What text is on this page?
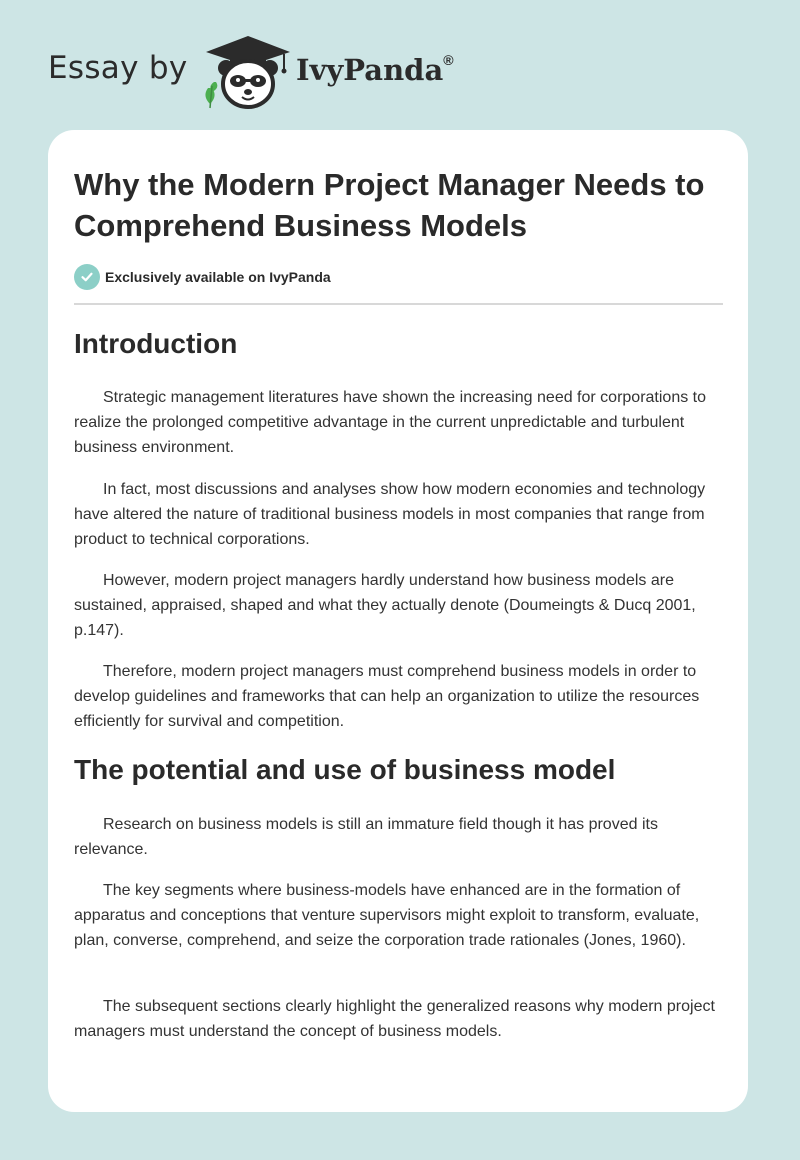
Essay by	IvyPanda®
Why the Modern Project Manager Needs to Comprehend Business Models
Exclusively available on IvyPanda
Introduction

Strategic management literatures have shown the increasing need for corporations to realize the prolonged competitive advantage in the current unpredictable and turbulent business environment.

In fact, most discussions and analyses show how modern economies and technology have altered the nature of traditional business models in most companies that range from product to technical corporations.

However, modern project managers hardly understand how business models are sustained, appraised, shaped and what they actually denote (Doumeingts & Ducq 2001, p.147).

Therefore, modern project managers must comprehend business models in order to develop guidelines and frameworks that can help an organization to utilize the resources efficiently for survival and competition.

The potential and use of business model

Research on business models is still an immature field though it has proved its relevance.

The key segments where business-models have enhanced are in the formation of apparatus and conceptions that venture supervisors might exploit to transform, evaluate, plan, converse, comprehend, and seize the corporation trade rationales (Jones, 1960).

The subsequent sections clearly highlight the generalized reasons why modern project managers must understand the concept of business models.
